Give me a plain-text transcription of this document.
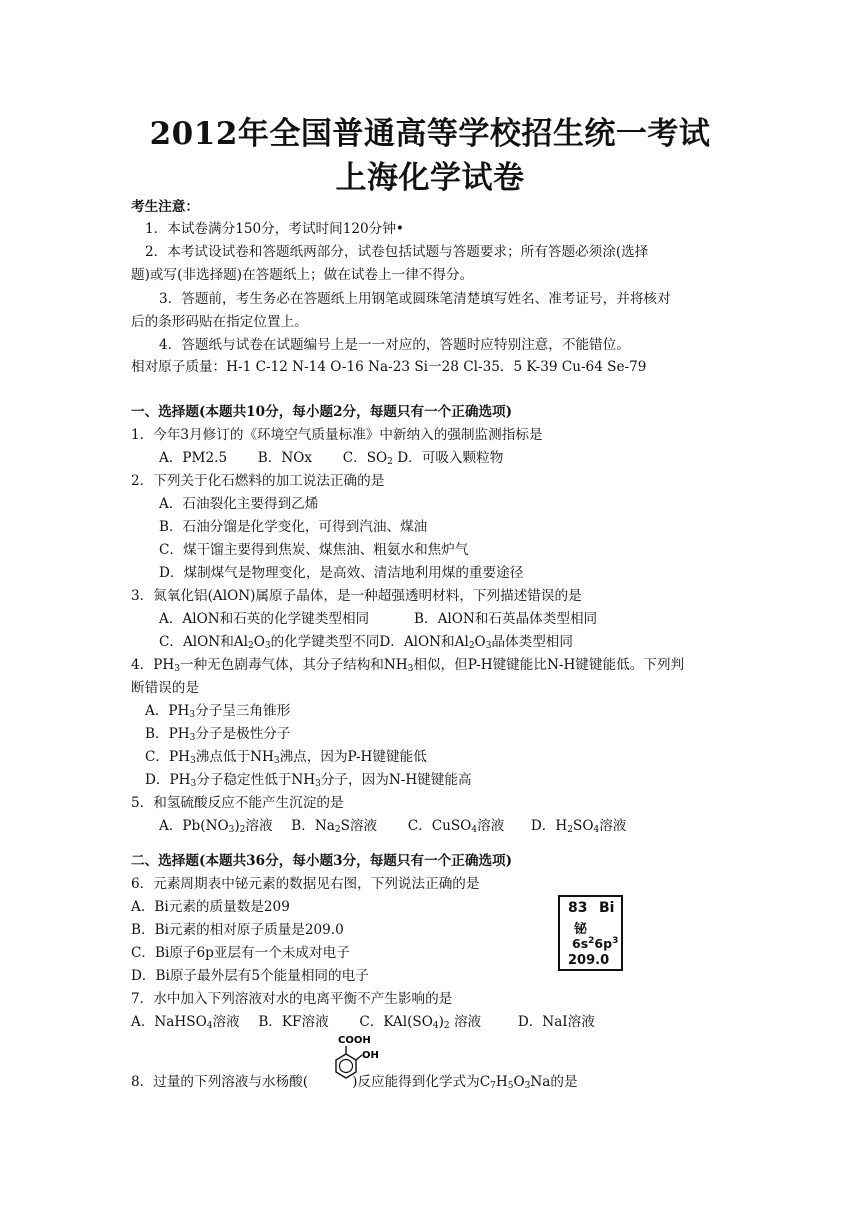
2012年全国普通高等学校招生统一考试
上海化学试卷
考生注意：
1．本试卷满分150分，考试时间120分钟•
2．本考试设试卷和答题纸两部分，试卷包括试题与答题要求；所有答题必须涂(选择
题)或写(非选择题)在答题纸上；做在试卷上一律不得分。
3．答题前，考生务必在答题纸上用钢笔或圆珠笔清楚填写姓名、准考证号，并将核对
后的条形码贴在指定位置上。
4．答题纸与试卷在试题编号上是一一对应的，答题时应特别注意，不能错位。
相对原子质量：H-1 C-12 N-14 O-16 Na-23 Si一28 Cl-35．5 K-39 Cu-64 Se-79
一、选择题(本题共10分，每小题2分，每题只有一个正确选项)
1．今年3月修订的《环境空气质量标准》中新纳入的强制监测指标是
A．PM2.5 B．NOx C．$SO_2$ D．可吸入颗粒物
2．下列关于化石燃料的加工说法正确的是
A．石油裂化主要得到乙烯
B．石油分馏是化学变化，可得到汽油、煤油
C．煤干馏主要得到焦炭、煤焦油、粗氨水和焦炉气
D．煤制煤气是物理变化，是高效、清洁地利用煤的重要途径
3．氮氧化铝(AlON)属原子晶体，是一种超强透明材料，下列描述错误的是
A．AlON和石英的化学键类型相同	B．AlON和石英晶体类型相同
C．AlON和$Al_2O_3$的化学键类型不同D．AlON和$Al_2O_3$晶体类型相同
4．$PH_3$一种无色剧毒气体，其分子结构和$NH_3$相似，但P-H键键能比N-H键键能低。下列判
断错误的是
A．$PH_3$分子呈三角锥形
B．$PH_3$分子是极性分子
C．$PH_3$沸点低于$NH_3$沸点，因为P-H键键能低
D．$PH_3$分子稳定性低于$NH_3$分子，因为N-H键键能高
5．和氢硫酸反应不能产生沉淀的是
A．$Pb(NO_3)_2$溶液 B．$Na_2S$溶液 C．CuSO$_4$溶液 D．$H_2SO_4$溶液
二、选择题(本题共36分，每小题3分，每题只有一个正确选项)
6．元素周期表中铋元素的数据见右图，下列说法正确的是
A．Bi元素的质量数是209
B．Bi元素的相对原子质量是209.0
C．Bi原子6p亚层有一个未成对电子
D．Bi原子最外层有5个能量相同的电子
83 Bi
铋
$6s^26p^3$
209.0
7．水中加入下列溶液对水的电离平衡不产生影响的是
A．NaHSO$_4$溶液 B．KF溶液 C．$KAl(SO_4)_2$ 溶液	D．NaI溶液
COOH
OH
8．过量的下列溶液与水杨酸(	)反应能得到化学式为$C_7H_5O_3Na$的是
